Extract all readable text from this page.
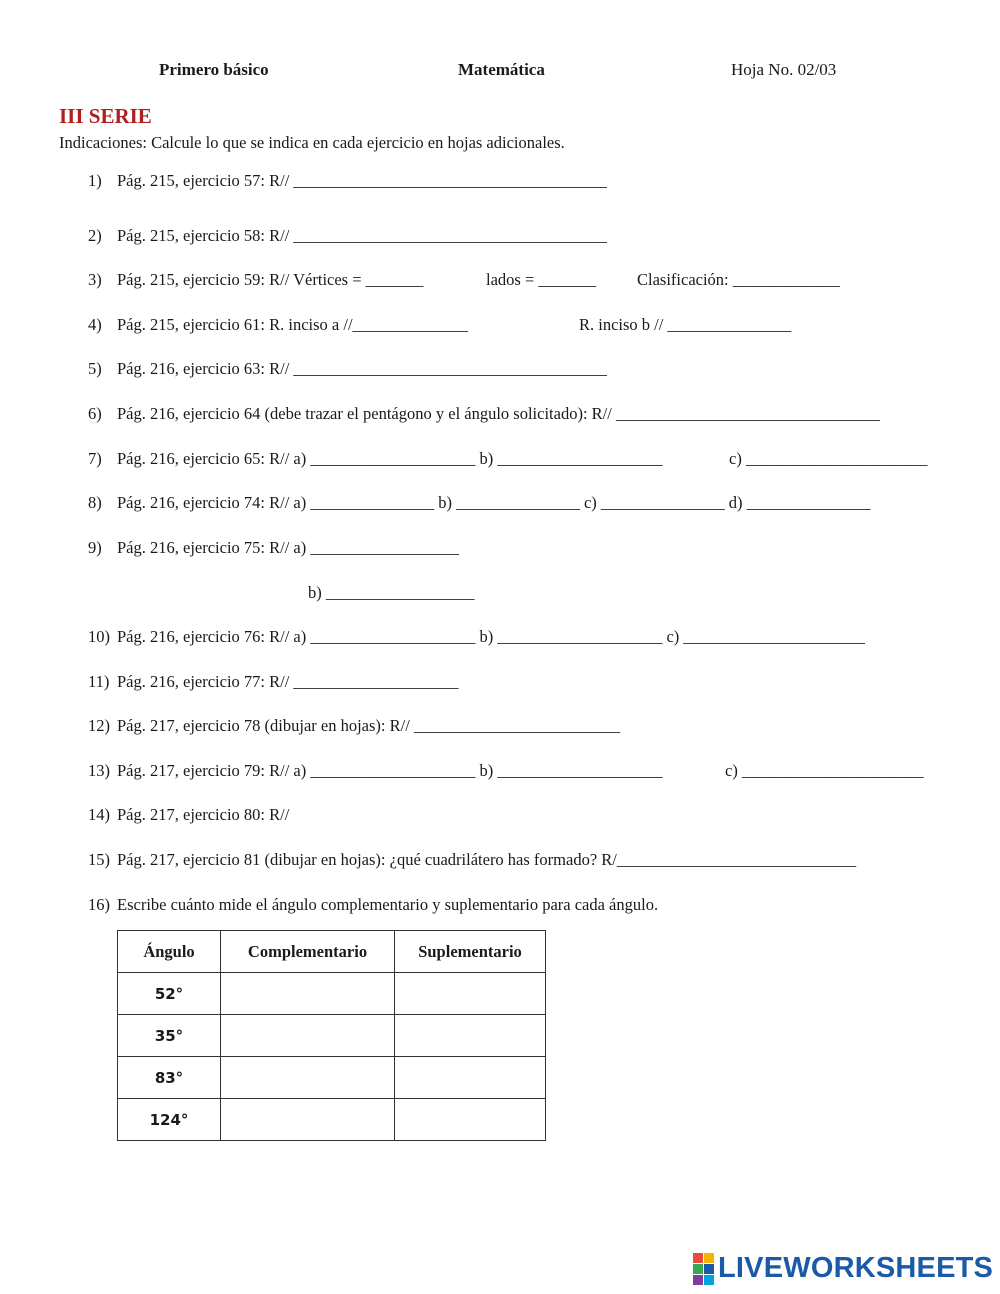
Primero básico	Matemática	Hoja No. 02/03
III SERIE
Indicaciones: Calcule lo que se indica en cada ejercicio en hojas adicionales.
1) Pág. 215, ejercicio 57: R// ______________________________________
2) Pág. 215, ejercicio 58: R// ______________________________________
3) Pág. 215, ejercicio 59: R// Vértices = _______	lados = _______ Clasificación: _____________
4) Pág. 215, ejercicio 61: R. inciso a //______________	R. inciso b // _______________
5) Pág. 216, ejercicio 63: R// ______________________________________
6) Pág. 216, ejercicio 64 (debe trazar el pentágono y el ángulo solicitado): R// ________________________________
7) Pág. 216, ejercicio 65: R// a) ____________________ b) ____________________	c) ______________________
8) Pág. 216, ejercicio 74: R// a) _______________ b) _______________ c) _______________ d) _______________
9) Pág. 216, ejercicio 75: R// a) __________________
b) __________________
10) Pág. 216, ejercicio 76: R// a) ____________________ b) ____________________ c) ______________________
11) Pág. 216, ejercicio 77: R// ____________________
12) Pág. 217, ejercicio 78 (dibujar en hojas): R// _________________________
13) Pág. 217, ejercicio 79: R// a) ____________________ b) ____________________	c) ______________________
14) Pág. 217, ejercicio 80: R//
15) Pág. 217, ejercicio 81 (dibujar en hojas): ¿qué cuadrilátero has formado? R/_____________________________
16) Escribe cuánto mide el ángulo complementario y suplementario para cada ángulo.
Ángulo	Complementario	Suplementario
52°		
35°		
83°		
124°		
LIVEWORKSHEETS
